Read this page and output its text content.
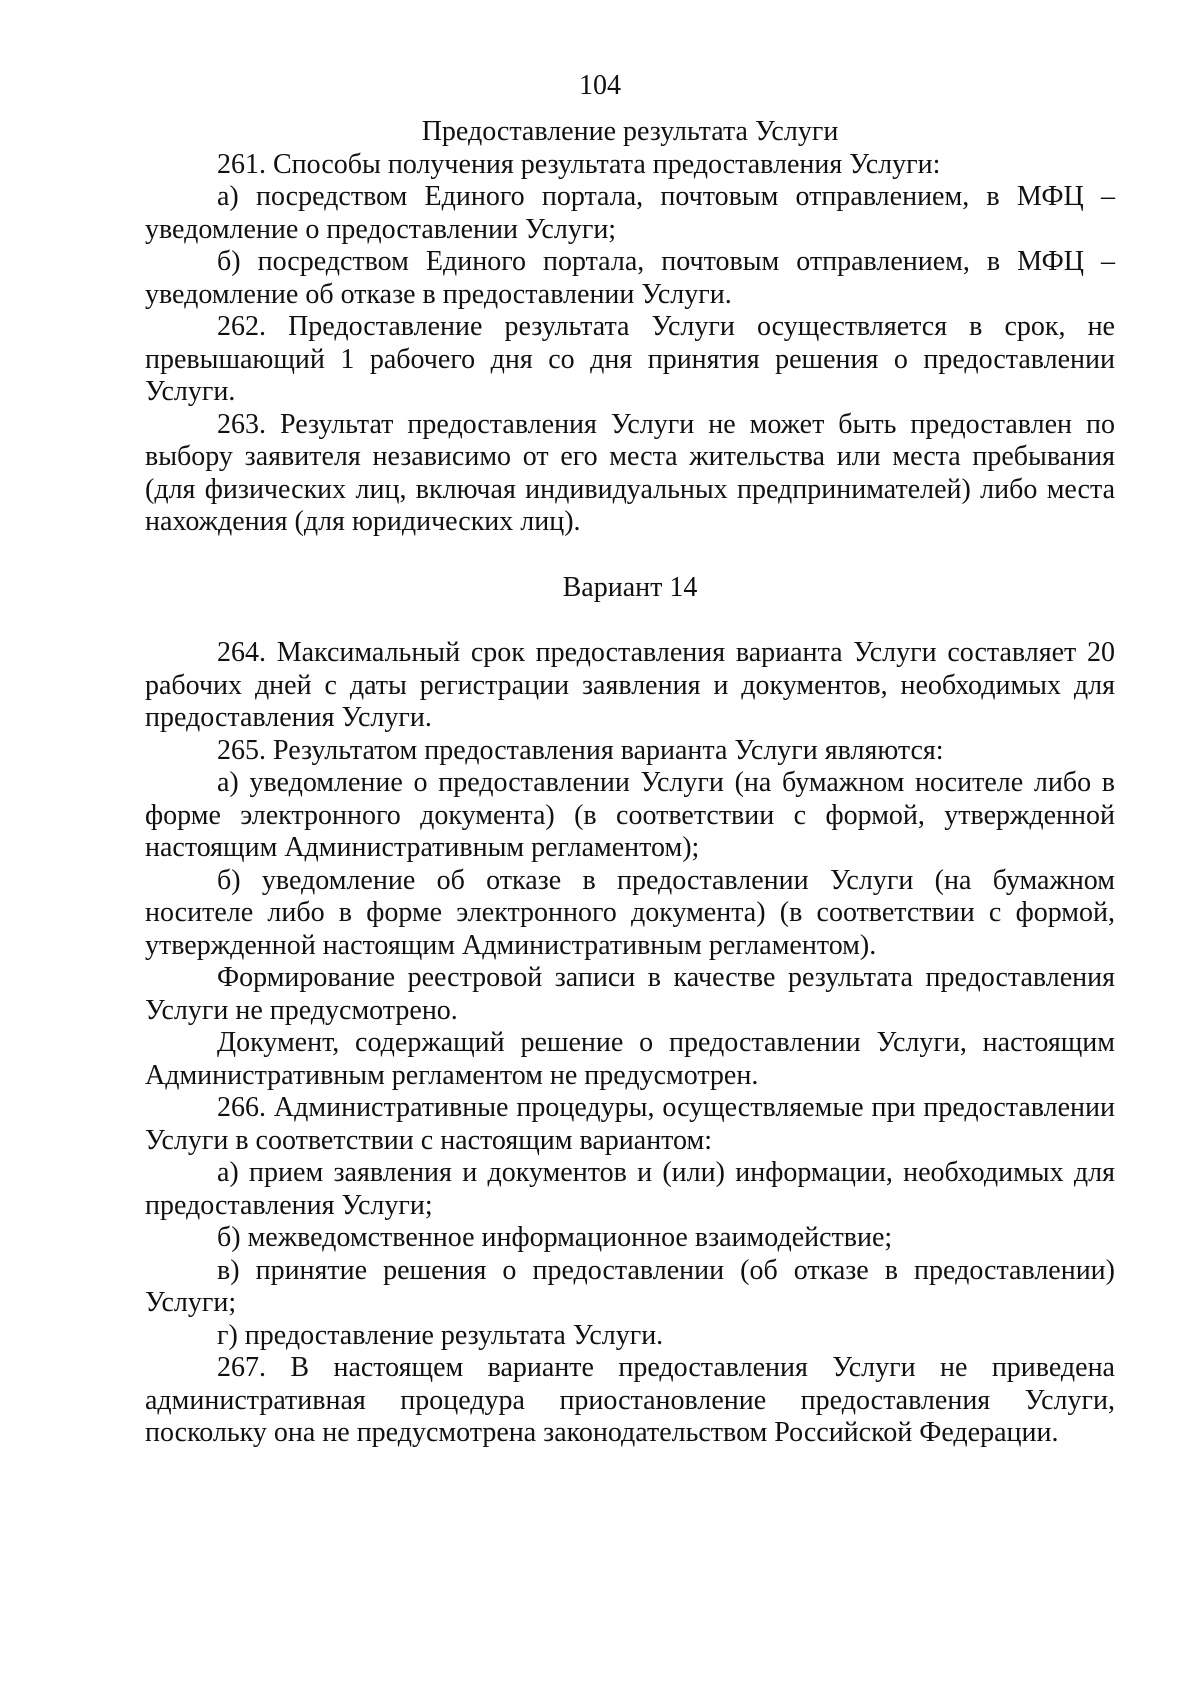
104

Предоставление результата Услуги

261. Способы получения результата предоставления Услуги:

а) посредством Единого портала, почтовым отправлением, в МФЦ – уведомление о предоставлении Услуги;

б) посредством Единого портала, почтовым отправлением, в МФЦ – уведомление об отказе в предоставлении Услуги.

262. Предоставление результата Услуги осуществляется в срок, не превышающий 1 рабочего дня со дня принятия решения о предоставлении Услуги.

263. Результат предоставления Услуги не может быть предоставлен по выбору заявителя независимо от его места жительства или места пребывания (для физических лиц, включая индивидуальных предпринимателей) либо места нахождения (для юридических лиц).

Вариант 14

264. Максимальный срок предоставления варианта Услуги составляет 20 рабочих дней с даты регистрации заявления и документов, необходимых для предоставления Услуги.

265. Результатом предоставления варианта Услуги являются:

а) уведомление о предоставлении Услуги (на бумажном носителе либо в форме электронного документа) (в соответствии с формой, утвержденной настоящим Административным регламентом);

б) уведомление об отказе в предоставлении Услуги (на бумажном носителе либо в форме электронного документа) (в соответствии с формой, утвержденной настоящим Административным регламентом).

Формирование реестровой записи в качестве результата предоставления Услуги не предусмотрено.

Документ, содержащий решение о предоставлении Услуги, настоящим Административным регламентом не предусмотрен.

266. Административные процедуры, осуществляемые при предоставлении Услуги в соответствии с настоящим вариантом:

а) прием заявления и документов и (или) информации, необходимых для предоставления Услуги;

б) межведомственное информационное взаимодействие;

в) принятие решения о предоставлении (об отказе в предоставлении) Услуги;

г) предоставление результата Услуги.

267. В настоящем варианте предоставления Услуги не приведена административная процедура приостановление предоставления Услуги, поскольку она не предусмотрена законодательством Российской Федерации.
